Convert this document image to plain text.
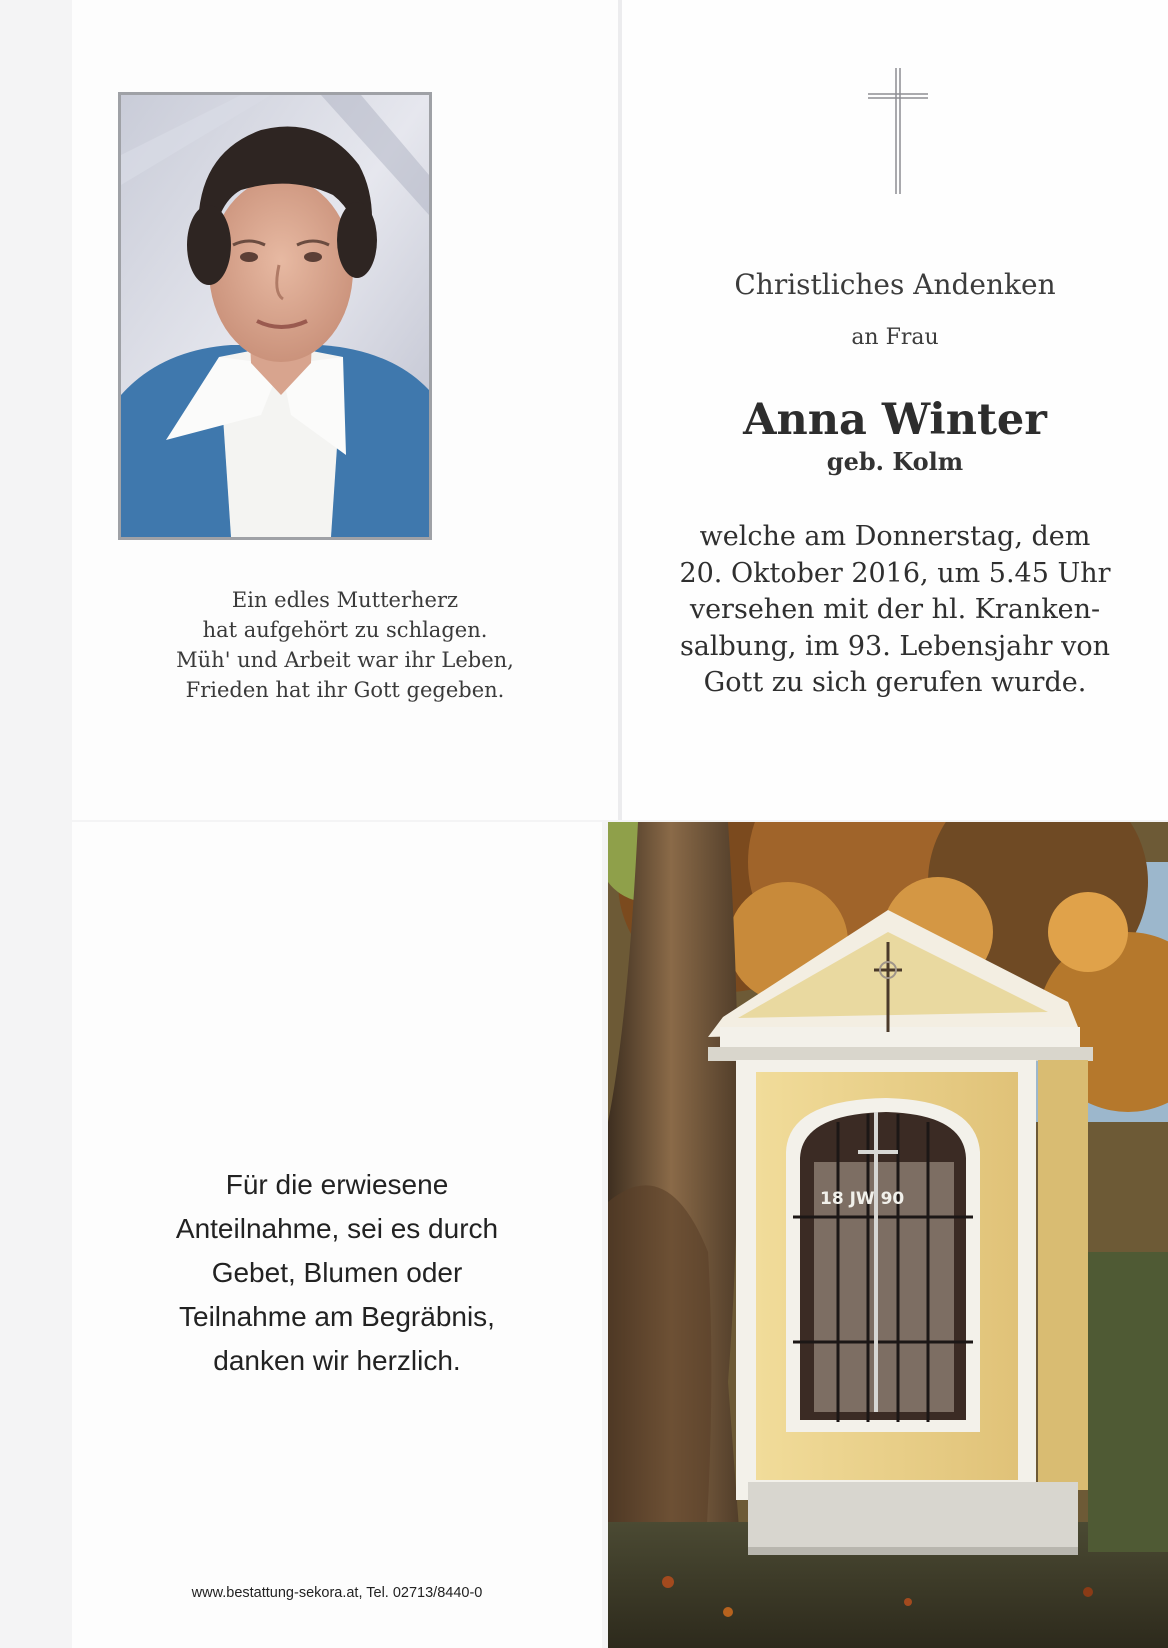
Ein edles Mutterherz
hat aufgehört zu schlagen.
Müh' und Arbeit war ihr Leben,
Frieden hat ihr Gott gegeben.
Christliches Andenken
an Frau
Anna Winter
geb. Kolm
welche am Donnerstag, dem
20. Oktober 2016, um 5.45 Uhr
versehen mit der hl. Kranken-
salbung, im 93. Lebensjahr von
Gott zu sich gerufen wurde.
Für die erwiesene
Anteilnahme, sei es durch
Gebet, Blumen oder
Teilnahme am Begräbnis,
danken wir herzlich.
www.bestattung-sekora.at, Tel. 02713/8440-0
18 JW 90
